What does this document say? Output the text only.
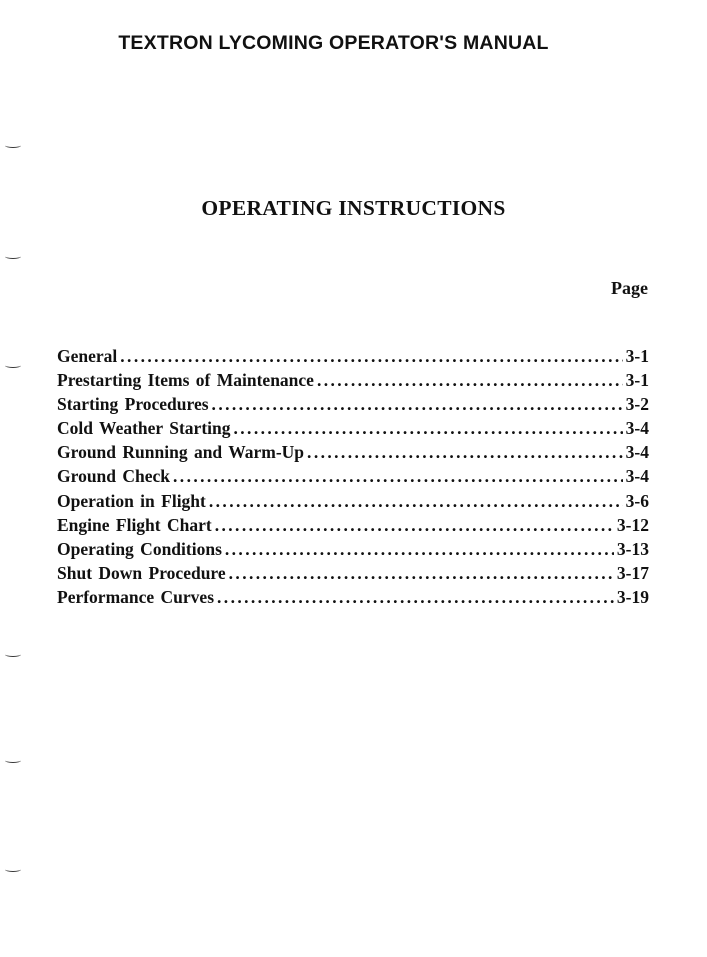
TEXTRON LYCOMING OPERATOR'S MANUAL
OPERATING INSTRUCTIONS
Page
General .....	3-1
Prestarting Items of Maintenance .....	3-1
Starting Procedures .....	3-2
Cold Weather Starting .....	3-4
Ground Running and Warm-Up .....	3-4
Ground Check .....	3-4
Operation in Flight .....	3-6
Engine Flight Chart .....	3-12
Operating Conditions .....	3-13
Shut Down Procedure .....	3-17
Performance Curves .....	3-19
